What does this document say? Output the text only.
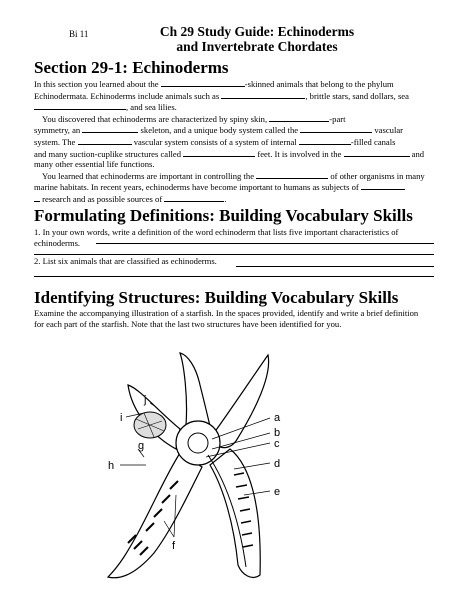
Bi 11	Ch 29 Study Guide: Echinoderms
and Invertebrate Chordates
Section 29-1: Echinoderms

In this section you learned about the	-skinned animals that belong to the phylum

Echinodermata. Echinoderms include animals such as	, brittle stars, sand dollars, sea

, and sea lilies.

You discovered that echinoderms are characterized by spiny skin,	-part

symmetry, an	skeleton, and a unique body system called the	vascular

system. The	vascular system consists of a system of internal	-filled canals

and many suction-cuplike structures called	feet. It is involved in the	and

many other essential life functions.

You learned that echinoderms are important in controlling the	of other organisms in many

marine habitats. In recent years, echinoderms have become important to humans as subjects of

research and as possible sources of	.

Formulating Definitions: Building Vocabulary Skills

1. In your own words, write a definition of the word echinoderm that lists five important characteristics of

echinoderms.

2. List six animals that are classified as echinoderms.
Identifying Structures: Building Vocabulary Skills

Examine the accompanying illustration of a starfish. In the spaces provided, identify and write a brief definition

for each part of the starfish. Note that the last two structures have been identified for you.

a
b
c
d
e
f
g
h
i
j
